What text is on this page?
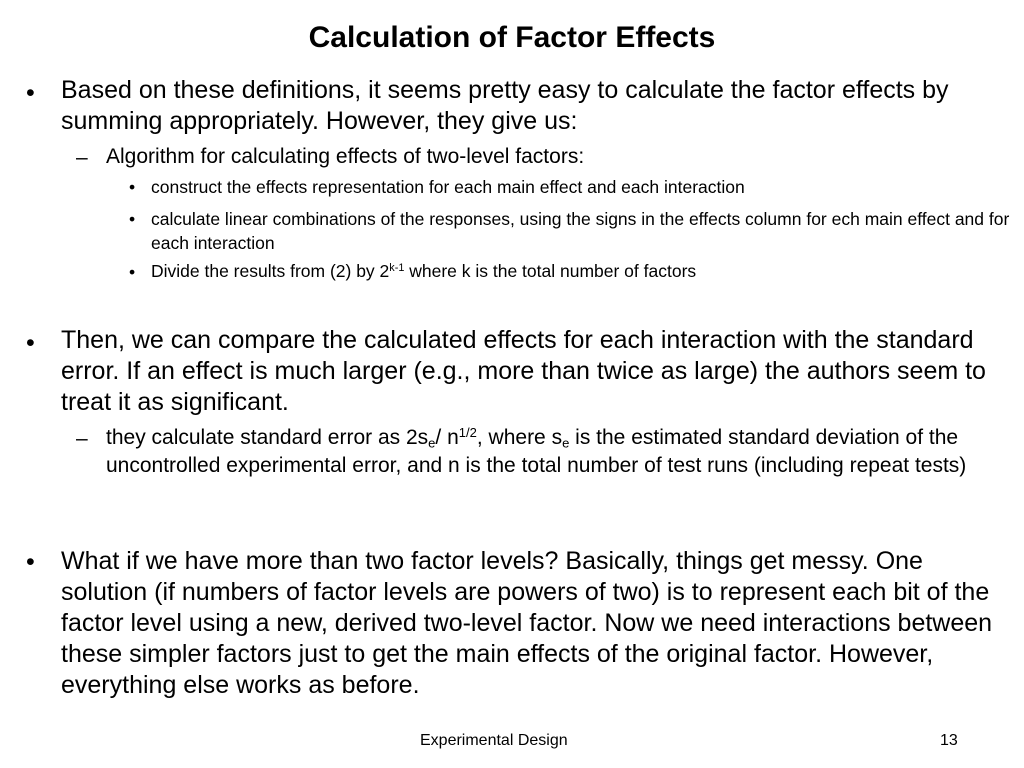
Calculation of Factor Effects
• Based on these definitions, it seems pretty easy to calculate the factor effects by summing appropriately. However, they give us:
– Algorithm for calculating effects of two-level factors:
• construct the effects representation for each main effect and each interaction
• calculate linear combinations of the responses, using the signs in the effects column for ech main effect and for each interaction
• Divide the results from (2) by 2$^{k-1}$ where k is the total number of factors
• Then, we can compare the calculated effects for each interaction with the standard error. If an effect is much larger (e.g., more than twice as large) the authors seem to treat it as significant.
– they calculate standard error as $2s_e/$ $n^{1/2}$, where $s_e$ is the estimated standard deviation of the uncontrolled experimental error, and n is the total number of test runs (including repeat tests)
• What if we have more than two factor levels? Basically, things get messy. One solution (if numbers of factor levels are powers of two) is to represent each bit of the factor level using a new, derived two-level factor. Now we need interactions between these simpler factors just to get the main effects of the original factor. However, everything else works as before.
Experimental Design	13
